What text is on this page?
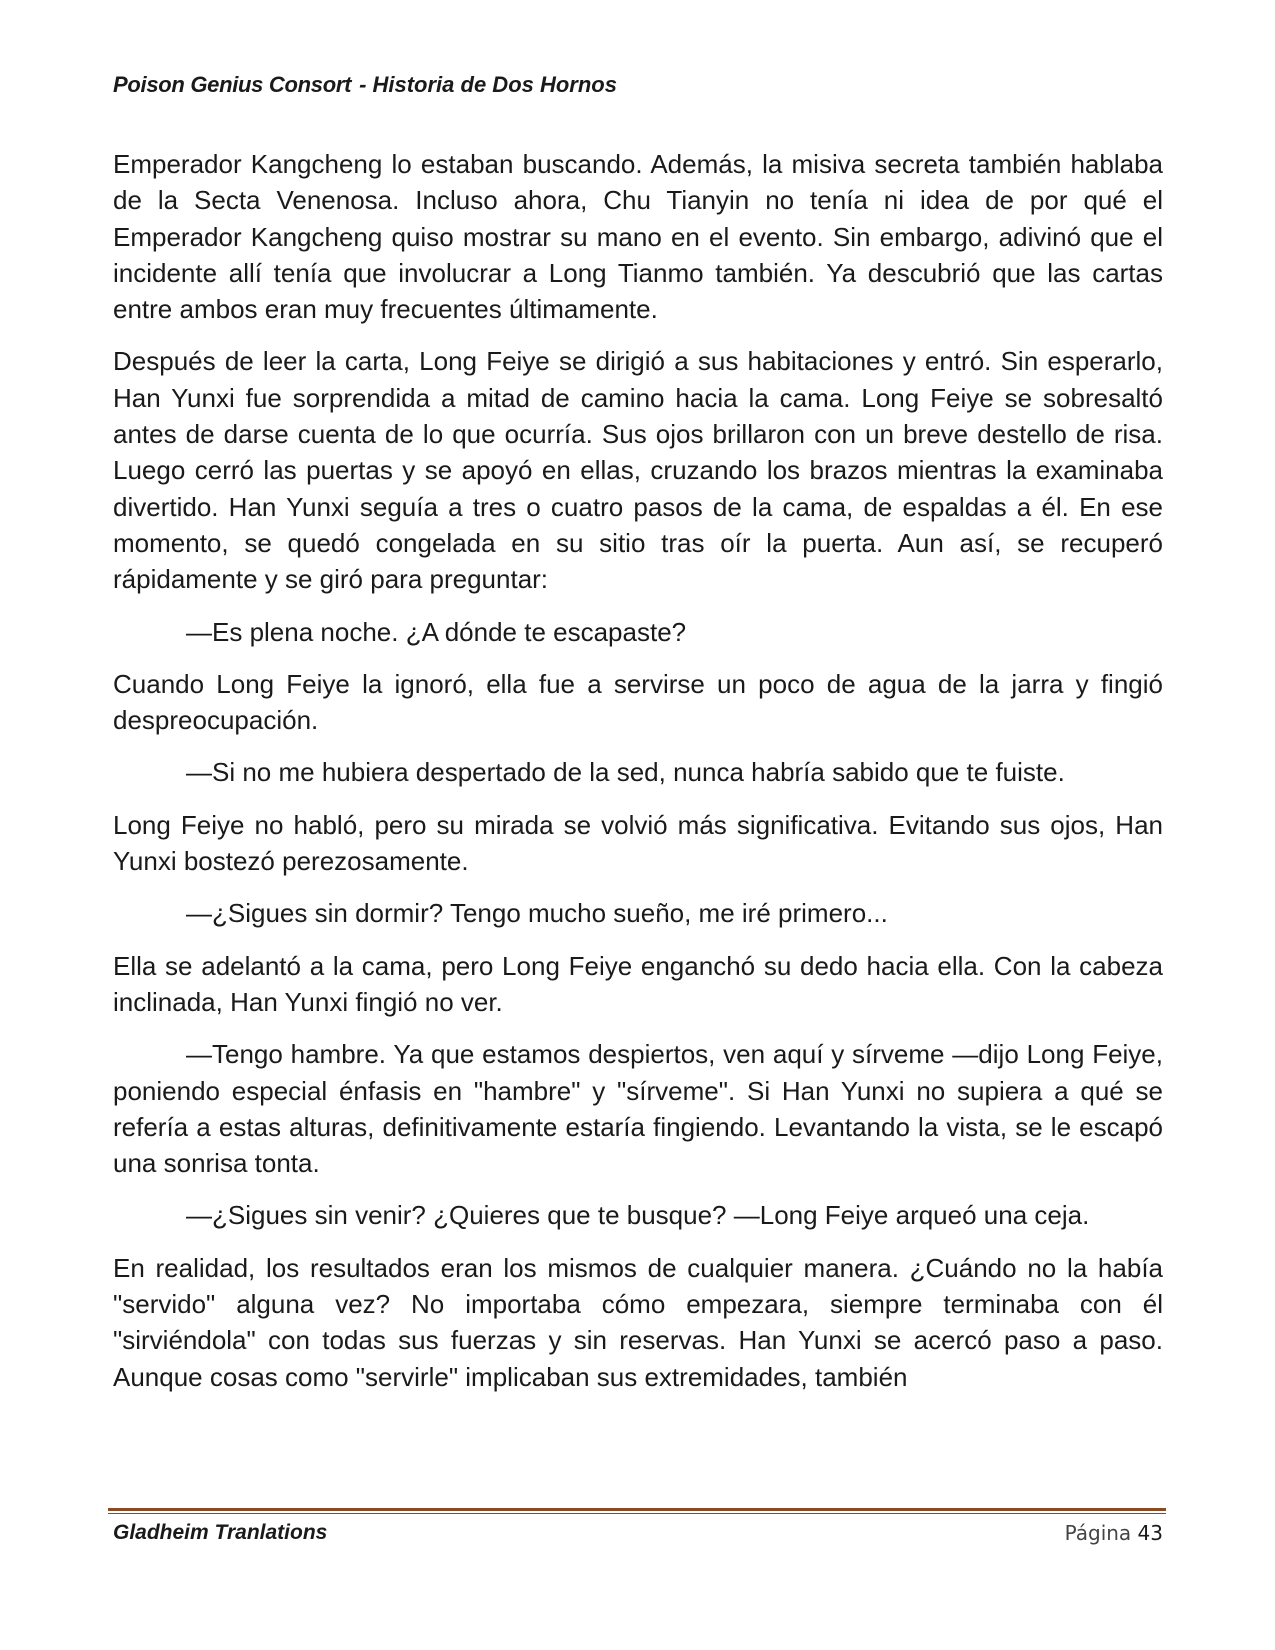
Poison Genius Consort - Historia de Dos Hornos

Emperador Kangcheng lo estaban buscando. Además, la misiva secreta también hablaba de la Secta Venenosa. Incluso ahora, Chu Tianyin no tenía ni idea de por qué el Emperador Kangcheng quiso mostrar su mano en el evento. Sin embargo, adivinó que el incidente allí tenía que involucrar a Long Tianmo también. Ya descubrió que las cartas entre ambos eran muy frecuentes últimamente.

Después de leer la carta, Long Feiye se dirigió a sus habitaciones y entró. Sin esperarlo, Han Yunxi fue sorprendida a mitad de camino hacia la cama. Long Feiye se sobresaltó antes de darse cuenta de lo que ocurría. Sus ojos brillaron con un breve destello de risa. Luego cerró las puertas y se apoyó en ellas, cruzando los brazos mientras la examinaba divertido. Han Yunxi seguía a tres o cuatro pasos de la cama, de espaldas a él. En ese momento, se quedó congelada en su sitio tras oír la puerta. Aun así, se recuperó rápidamente y se giró para preguntar:

—Es plena noche. ¿A dónde te escapaste?

Cuando Long Feiye la ignoró, ella fue a servirse un poco de agua de la jarra y fingió despreocupación.

—Si no me hubiera despertado de la sed, nunca habría sabido que te fuiste.

Long Feiye no habló, pero su mirada se volvió más significativa. Evitando sus ojos, Han Yunxi bostezó perezosamente.

—¿Sigues sin dormir? Tengo mucho sueño, me iré primero...

Ella se adelantó a la cama, pero Long Feiye enganchó su dedo hacia ella. Con la cabeza inclinada, Han Yunxi fingió no ver.

—Tengo hambre. Ya que estamos despiertos, ven aquí y sírveme —dijo Long Feiye, poniendo especial énfasis en "hambre" y "sírveme". Si Han Yunxi no supiera a qué se refería a estas alturas, definitivamente estaría fingiendo. Levantando la vista, se le escapó una sonrisa tonta.

—¿Sigues sin venir? ¿Quieres que te busque? —Long Feiye arqueó una ceja.

En realidad, los resultados eran los mismos de cualquier manera. ¿Cuándo no la había "servido" alguna vez? No importaba cómo empezara, siempre terminaba con él "sirviéndola" con todas sus fuerzas y sin reservas. Han Yunxi se acercó paso a paso. Aunque cosas como "servirle" implicaban sus extremidades, también

Gladheim Tranlations	Página 43
